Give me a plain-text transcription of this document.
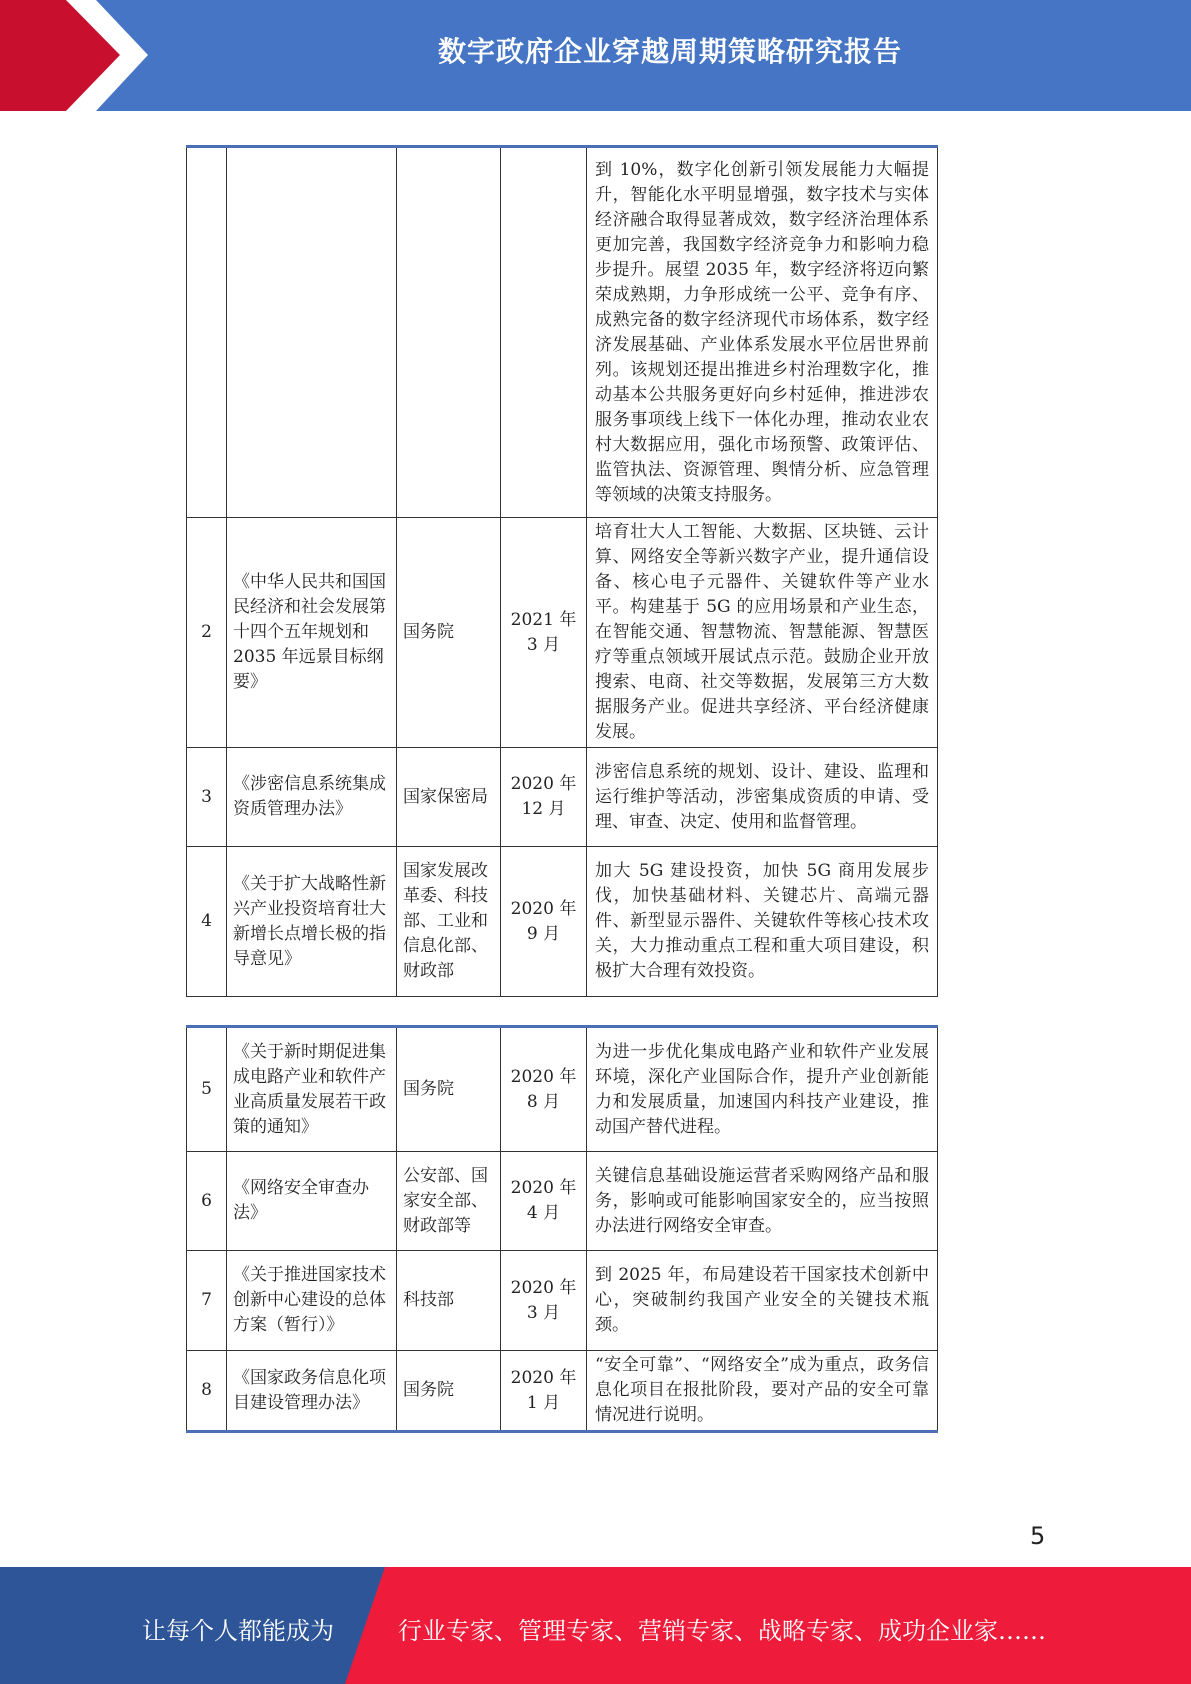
数字政府企业穿越周期策略研究报告
				到 10%，数字化创新引领发展能力大幅提升，智能化水平明显增强，数字技术与实体经济融合取得显著成效，数字经济治理体系更加完善，我国数字经济竞争力和影响力稳步提升。展望 2035 年，数字经济将迈向繁荣成熟期，力争形成统一公平、竞争有序、成熟完备的数字经济现代市场体系，数字经济发展基础、产业体系发展水平位居世界前列。该规划还提出推进乡村治理数字化，推动基本公共服务更好向乡村延伸，推进涉农服务事项线上线下一体化办理，推动农业农村大数据应用，强化市场预警、政策评估、监管执法、资源管理、舆情分析、应急管理等领域的决策支持服务。
2	《中华人民共和国国民经济和社会发展第十四个五年规划和 2035 年远景目标纲要》	国务院	2021 年 3 月	培育壮大人工智能、大数据、区块链、云计算、网络安全等新兴数字产业，提升通信设备、核心电子元器件、关键软件等产业水平。构建基于 5G 的应用场景和产业生态，在智能交通、智慧物流、智慧能源、智慧医疗等重点领域开展试点示范。鼓励企业开放搜索、电商、社交等数据，发展第三方大数据服务产业。促进共享经济、平台经济健康发展。
3	《涉密信息系统集成资质管理办法》	国家保密局	2020 年 12 月	涉密信息系统的规划、设计、建设、监理和运行维护等活动，涉密集成资质的申请、受理、审查、决定、使用和监督管理。
4	《关于扩大战略性新兴产业投资培育壮大新增长点增长极的指导意见》	国家发展改革委、科技部、工业和信息化部、财政部	2020 年 9 月	加大 5G 建设投资，加快 5G 商用发展步伐，加快基础材料、关键芯片、高端元器件、新型显示器件、关键软件等核心技术攻关，大力推动重点工程和重大项目建设，积极扩大合理有效投资。
5	《关于新时期促进集成电路产业和软件产业高质量发展若干政策的通知》	国务院	2020 年 8 月	为进一步优化集成电路产业和软件产业发展环境，深化产业国际合作，提升产业创新能力和发展质量，加速国内科技产业建设，推动国产替代进程。
6	《网络安全审查办法》	公安部、国家安全部、财政部等	2020 年 4 月	关键信息基础设施运营者采购网络产品和服务，影响或可能影响国家安全的，应当按照办法进行网络安全审查。
7	《关于推进国家技术创新中心建设的总体方案（暂行）》	科技部	2020 年 3 月	到 2025 年，布局建设若干国家技术创新中心，突破制约我国产业安全的关键技术瓶颈。
8	《国家政务信息化项目建设管理办法》	国务院	2020 年 1 月	“安全可靠”、“网络安全”成为重点，政务信息化项目在报批阶段，要对产品的安全可靠情况进行说明。
5
让每个人都能成为	行业专家、管理专家、营销专家、战略专家、成功企业家……
